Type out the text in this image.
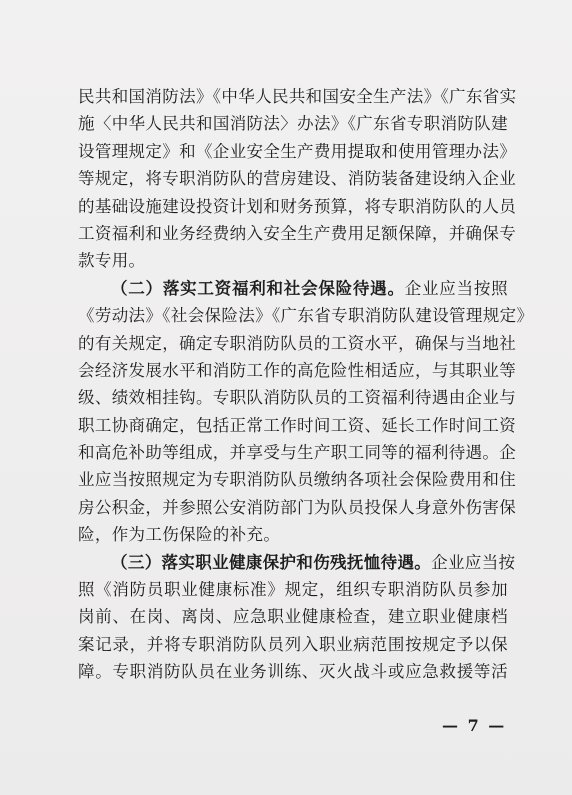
民共和国消防法》《中华人民共和国安全生产法》《广东省实
施〈中华人民共和国消防法〉办法》《广东省专职消防队建
设管理规定》和《企业安全生产费用提取和使用管理办法》
等规定，将专职消防队的营房建设、消防装备建设纳入企业
的基础设施建设投资计划和财务预算，将专职消防队的人员
工资福利和业务经费纳入安全生产费用足额保障，并确保专
款专用。
（二）落实工资福利和社会保险待遇。企业应当按照
《劳动法》《社会保险法》《广东省专职消防队建设管理规定》
的有关规定，确定专职消防队员的工资水平，确保与当地社
会经济发展水平和消防工作的高危险性相适应，与其职业等
级、绩效相挂钩。专职队消防队员的工资福利待遇由企业与
职工协商确定，包括正常工作时间工资、延长工作时间工资
和高危补助等组成，并享受与生产职工同等的福利待遇。企
业应当按照规定为专职消防队员缴纳各项社会保险费用和住
房公积金，并参照公安消防部门为队员投保人身意外伤害保
险，作为工伤保险的补充。
（三）落实职业健康保护和伤残抚恤待遇。企业应当按
照《消防员职业健康标准》规定，组织专职消防队员参加
岗前、在岗、离岗、应急职业健康检查，建立职业健康档
案记录，并将专职消防队员列入职业病范围按规定予以保
障。专职消防队员在业务训练、灭火战斗或应急救援等活
— 7 —
